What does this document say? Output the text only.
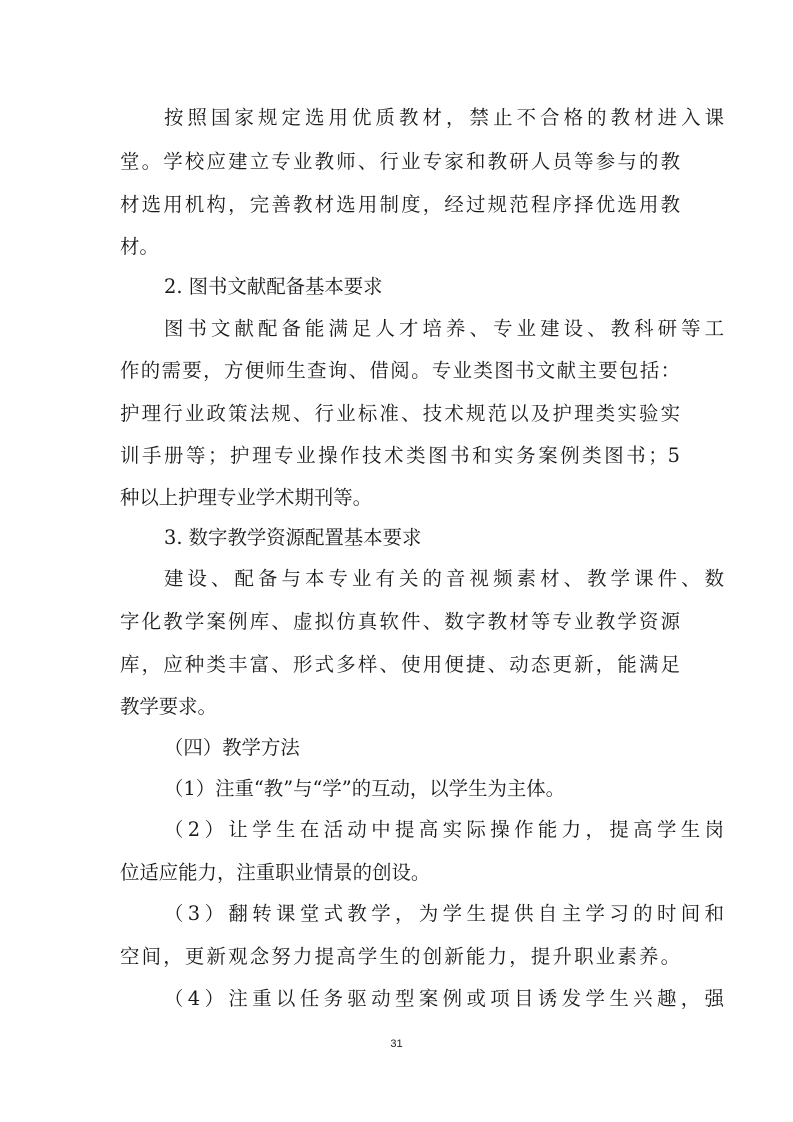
按照国家规定选用优质教材，禁止不合格的教材进入课
堂。学校应建立专业教师、行业专家和教研人员等参与的教
材选用机构，完善教材选用制度，经过规范程序择优选用教
材。
2. 图书文献配备基本要求
图书文献配备能满足人才培养、专业建设、教科研等工
作的需要，方便师生查询、借阅。专业类图书文献主要包括：
护理行业政策法规、行业标准、技术规范以及护理类实验实
训手册等；护理专业操作技术类图书和实务案例类图书；5
种以上护理专业学术期刊等。
3. 数字教学资源配置基本要求
建设、配备与本专业有关的音视频素材、教学课件、数
字化教学案例库、虚拟仿真软件、数字教材等专业教学资源
库，应种类丰富、形式多样、使用便捷、动态更新，能满足
教学要求。
（四）教学方法
（1）注重“教”与“学”的互动，以学生为主体。
（2）让学生在活动中提高实际操作能力，提高学生岗
位适应能力，注重职业情景的创设。
（3）翻转课堂式教学，为学生提供自主学习的时间和
空间，更新观念努力提高学生的创新能力，提升职业素养。
（4）注重以任务驱动型案例或项目诱发学生兴趣，强
31
